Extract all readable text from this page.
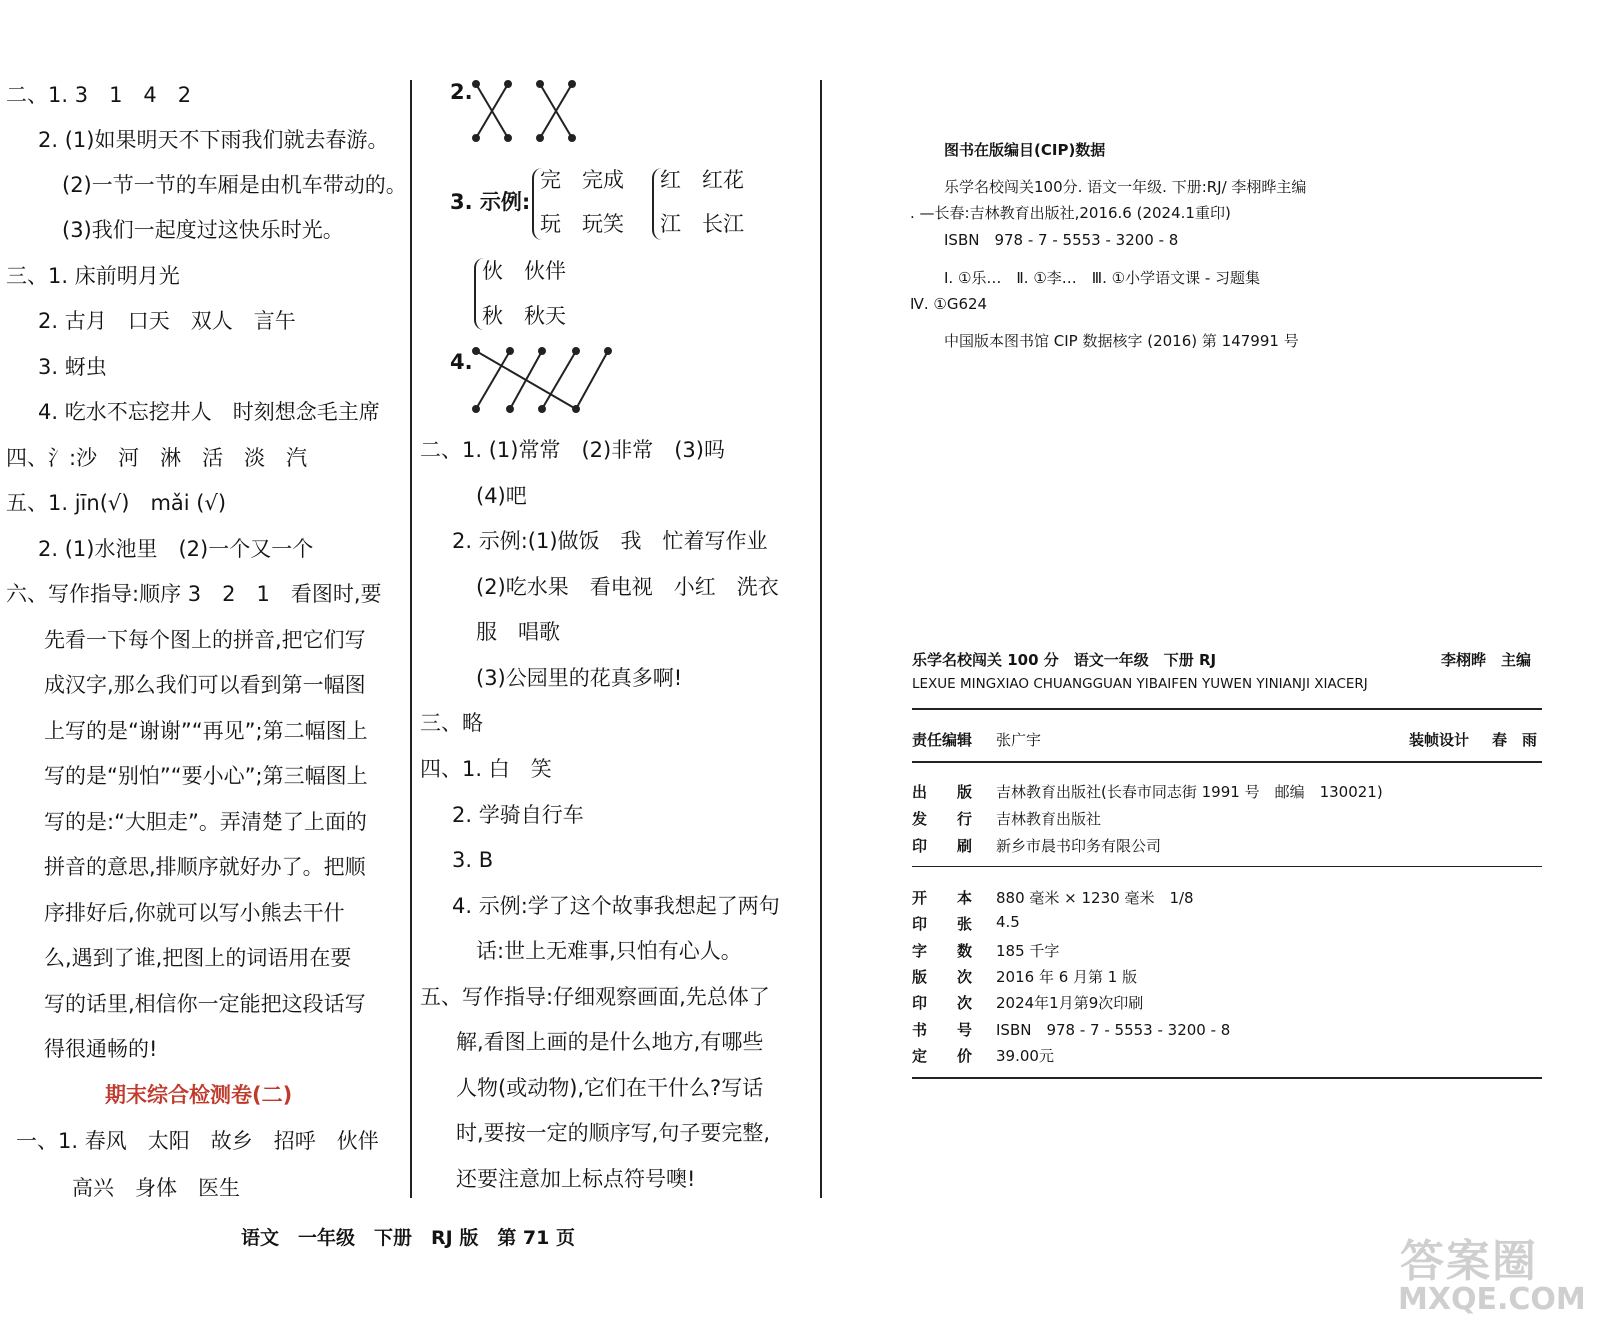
二、1. 3　1　4　2
2. (1)如果明天不下雨我们就去春游。
(2)一节一节的车厢是由机车带动的。
(3)我们一起度过这快乐时光。
三、1. 床前明月光
2. 古月　口天　双人　言午
3. 蚜虫
4. 吃水不忘挖井人　时刻想念毛主席
四、氵:沙　河　淋　活　淡　汽
五、1. jīn(√)　mǎi (√)
2. (1)水池里　(2)一个又一个
六、写作指导:顺序 3　2　1　看图时,要
先看一下每个图上的拼音,把它们写
成汉字,那么我们可以看到第一幅图
上写的是“谢谢”“再见”;第二幅图上
写的是“别怕”“要小心”;第三幅图上
写的是:“大胆走”。弄清楚了上面的
拼音的意思,排顺序就好办了。把顺
序排好后,你就可以写小熊去干什
么,遇到了谁,把图上的词语用在要
写的话里,相信你一定能把这段话写
得很通畅的!
期末综合检测卷(二)
一、1. 春风　太阳　故乡　招呼　伙伴
高兴　身体　医生
2.
3. 示例:
完　完成
玩　玩笑
红　红花
江　长江
伙　伙伴
秋　秋天
4.
二、1. (1)常常　(2)非常　(3)吗
(4)吧
2. 示例:(1)做饭　我　忙着写作业
(2)吃水果　看电视　小红　洗衣
服　唱歌
(3)公园里的花真多啊!
三、略
四、1. 白　笑
2. 学骑自行车
3. B
4. 示例:学了这个故事我想起了两句
话:世上无难事,只怕有心人。
五、写作指导:仔细观察画面,先总体了
解,看图上画的是什么地方,有哪些
人物(或动物),它们在干什么?写话
时,要按一定的顺序写,句子要完整,
还要注意加上标点符号噢!
语文　一年级　下册　RJ 版　第 71 页
图书在版编目(CIP)数据
乐学名校闯关100分. 语文一年级. 下册:RJ/ 李栩晔主编
. —长春:吉林教育出版社,2016.6 (2024.1重印)
ISBN　978 - 7 - 5553 - 3200 - 8
Ⅰ. ①乐…　Ⅱ. ①李…　Ⅲ. ①小学语文课 - 习题集
Ⅳ. ①G624
中国版本图书馆 CIP 数据核字 (2016) 第 147991 号
乐学名校闯关 100 分　语文一年级　下册 RJ	李栩晔　主编
LEXUE MINGXIAO CHUANGGUAN YIBAIFEN YUWEN YINIANJI XIACERJ
责任编辑 张广宇	装帧设计 春　雨
出　　版 吉林教育出版社(长春市同志街 1991 号　邮编　130021)
发　　行 吉林教育出版社
印　　刷 新乡市晨书印务有限公司
开　　本 880 毫米 × 1230 毫米　1/8
印　　张 4.5
字　　数 185 千字
版　　次 2016 年 6 月第 1 版
印　　次 2024年1月第9次印刷
书　　号 ISBN　978 - 7 - 5553 - 3200 - 8
定　　价 39.00元
答案圈
MXQE.COM
